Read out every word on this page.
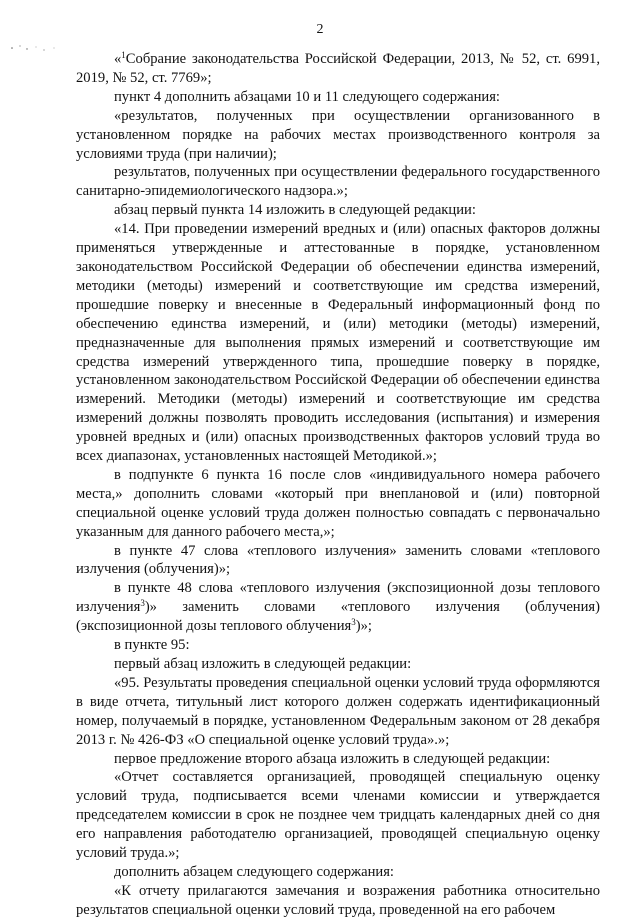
2

«$^1$Собрание законодательства Российской Федерации, 2013, № 52, ст. 6991, 2019, № 52, ст. 7769»;

пункт 4 дополнить абзацами 10 и 11 следующего содержания:

«результатов, полученных при осуществлении организованного в установленном порядке на рабочих местах производственного контроля за условиями труда (при наличии);

результатов, полученных при осуществлении федерального государственного санитарно-эпидемиологического надзора.»;

абзац первый пункта 14 изложить в следующей редакции:

«14. При проведении измерений вредных и (или) опасных факторов должны применяться утвержденные и аттестованные в порядке, установленном законодательством Российской Федерации об обеспечении единства измерений, методики (методы) измерений и соответствующие им средства измерений, прошедшие поверку и внесенные в Федеральный информационный фонд по обеспечению единства измерений, и (или) методики (методы) измерений, предназначенные для выполнения прямых измерений и соответствующие им средства измерений утвержденного типа, прошедшие поверку в порядке, установленном законодательством Российской Федерации об обеспечении единства измерений. Методики (методы) измерений и соответствующие им средства измерений должны позволять проводить исследования (испытания) и измерения уровней вредных и (или) опасных производственных факторов условий труда во всех диапазонах, установленных настоящей Методикой.»;

в подпункте 6 пункта 16 после слов «индивидуального номера рабочего места,» дополнить словами «который при внеплановой и (или) повторной специальной оценке условий труда должен полностью совпадать с первоначально указанным для данного рабочего места,»;

в пункте 47 слова «теплового излучения» заменить словами «теплового излучения (облучения)»;

в пункте 48 слова «теплового излучения (экспозиционной дозы теплового излучения$^3$)» заменить словами «теплового излучения (облучения) (экспозиционной дозы теплового облучения$^3$)»;

в пункте 95:

первый абзац изложить в следующей редакции:

«95. Результаты проведения специальной оценки условий труда оформляются в виде отчета, титульный лист которого должен содержать идентификационный номер, получаемый в порядке, установленном Федеральным законом от 28 декабря 2013 г. № 426-ФЗ «О специальной оценке условий труда».»;

первое предложение второго абзаца изложить в следующей редакции:

«Отчет составляется организацией, проводящей специальную оценку условий труда, подписывается всеми членами комиссии и утверждается председателем комиссии в срок не позднее чем тридцать календарных дней со дня его направления работодателю организацией, проводящей специальную оценку условий труда.»;

дополнить абзацем следующего содержания:

«К отчету прилагаются замечания и возражения работника относительно результатов специальной оценки условий труда, проведенной на его рабочем
